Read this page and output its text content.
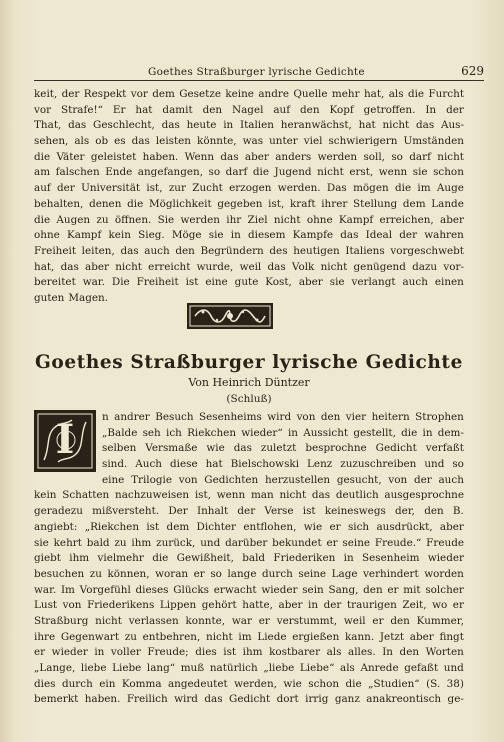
Goethes Straßburger lyrische Gedichte	629
keit, der Respekt vor dem Gesetze keine andre Quelle mehr hat, als die Furcht
vor Strafe!“ Er hat damit den Nagel auf den Kopf getroffen. In der
That, das Geschlecht, das heute in Italien heranwächst, hat nicht das Aus-
sehen, als ob es das leisten könnte, was unter viel schwierigern Umständen
die Väter geleistet haben. Wenn das aber anders werden soll, so darf nicht
am falschen Ende angefangen, so darf die Jugend nicht erst, wenn sie schon
auf der Universität ist, zur Zucht erzogen werden. Das mögen die im Auge
behalten, denen die Möglichkeit gegeben ist, kraft ihrer Stellung dem Lande
die Augen zu öffnen. Sie werden ihr Ziel nicht ohne Kampf erreichen, aber
ohne Kampf kein Sieg. Möge sie in diesem Kampfe das Ideal der wahren
Freiheit leiten, das auch den Begründern des heutigen Italiens vorgeschwebt
hat, das aber nicht erreicht wurde, weil das Volk nicht genügend dazu vor-
bereitet war. Die Freiheit ist eine gute Kost, aber sie verlangt auch einen
guten Magen.
Goethes Straßburger lyrische Gedichte
Von Heinrich Düntzer
(Schluß)
I	n andrer Besuch Sesenheims wird von den vier heitern Strophen
„Balde seh ich Riekchen wieder“ in Aussicht gestellt, die in dem-
selben Versmaße wie das zuletzt besprochne Gedicht verfaßt
sind. Auch diese hat Bielschowski Lenz zuzuschreiben und so
eine Trilogie von Gedichten herzustellen gesucht, von der auch
kein Schatten nachzuweisen ist, wenn man nicht das deutlich ausgesprochne
geradezu mißversteht. Der Inhalt der Verse ist keineswegs der, den B.
angiebt: „Riekchen ist dem Dichter entflohen, wie er sich ausdrückt, aber
sie kehrt bald zu ihm zurück, und darüber bekundet er seine Freude.“ Freude
giebt ihm vielmehr die Gewißheit, bald Friederiken in Sesenheim wieder
besuchen zu können, woran er so lange durch seine Lage verhindert worden
war. Im Vorgefühl dieses Glücks erwacht wieder sein Sang, den er mit solcher
Lust von Friederikens Lippen gehört hatte, aber in der traurigen Zeit, wo er
Straßburg nicht verlassen konnte, war er verstummt, weil er den Kummer,
ihre Gegenwart zu entbehren, nicht im Liede ergießen kann. Jetzt aber fingt
er wieder in voller Freude; dies ist ihm kostbarer als alles. In den Worten
„Lange, liebe Liebe lang“ muß natürlich „liebe Liebe“ als Anrede gefaßt und
dies durch ein Komma angedeutet werden, wie schon die „Studien“ (S. 38)
bemerkt haben. Freilich wird das Gedicht dort irrig ganz anakreontisch ge-
